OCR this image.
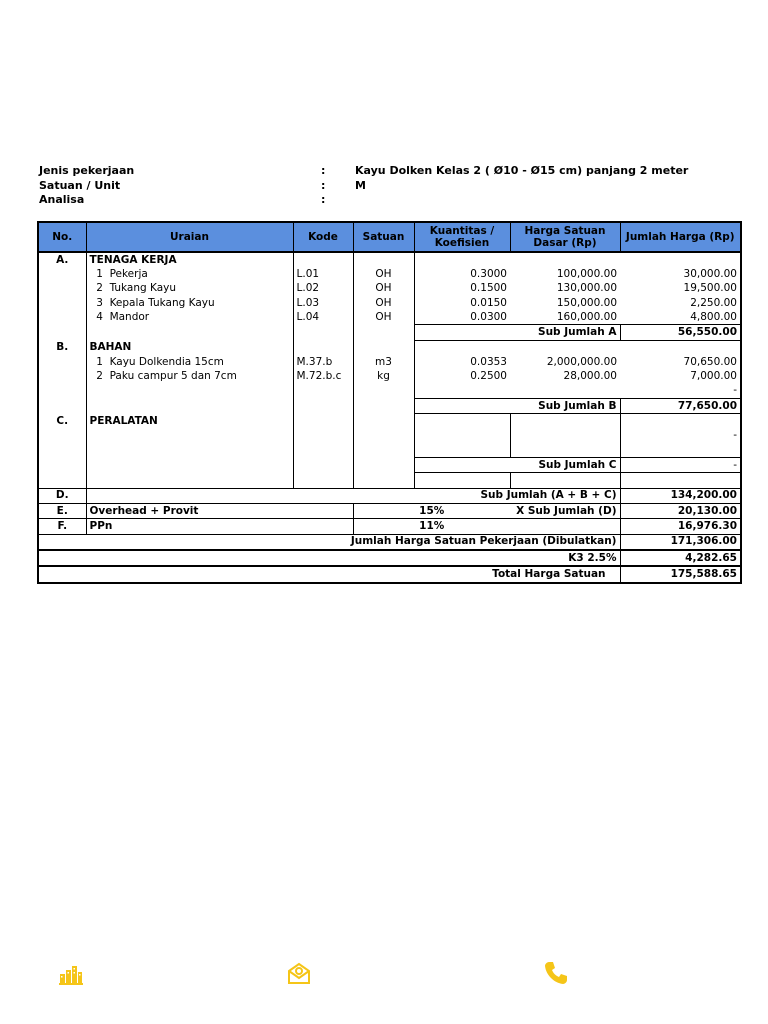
Jenis pekerjaan	:	Kayu Dolken Kelas 2 ( Ø10 - Ø15 cm) panjang 2 meter
Satuan / Unit	:	M
Analisa	:
No.	Uraian	Kode	Satuan	Kuantitas / Koefisien	Harga Satuan Dasar (Rp)	Jumlah Harga (Rp)
A.	TENAGA KERJA					
	1 Pekerja	L.01	OH	0.3000	100,000.00	30,000.00
	2 Tukang Kayu	L.02	OH	0.1500	130,000.00	19,500.00
	3 Kepala Tukang Kayu	L.03	OH	0.0150	150,000.00	2,250.00
	4 Mandor	L.04	OH	0.0300	160,000.00	4,800.00
				Sub Jumlah A		56,550.00
B.	BAHAN					
	1 Kayu Dolkendia 15cm	M.37.b	m3	0.0353	2,000,000.00	70,650.00
	2 Paku campur 5 dan 7cm	M.72.b.c	kg	0.2500	28,000.00	7,000.00
						-
				Sub Jumlah B		77,650.00
C.	PERALATAN					
						-

				Sub Jumlah C		-

D.	Sub Jumlah (A + B + C)					134,200.00
E.	Overhead + Provit		15%		X Sub Jumlah (D)	20,130.00
F.	PPn		11%			16,976.30
Jumlah Harga Satuan Pekerjaan (Dibulatkan)						171,306.00
				K3 2.5%		4,282.65
				Total Harga Satuan		175,588.65
